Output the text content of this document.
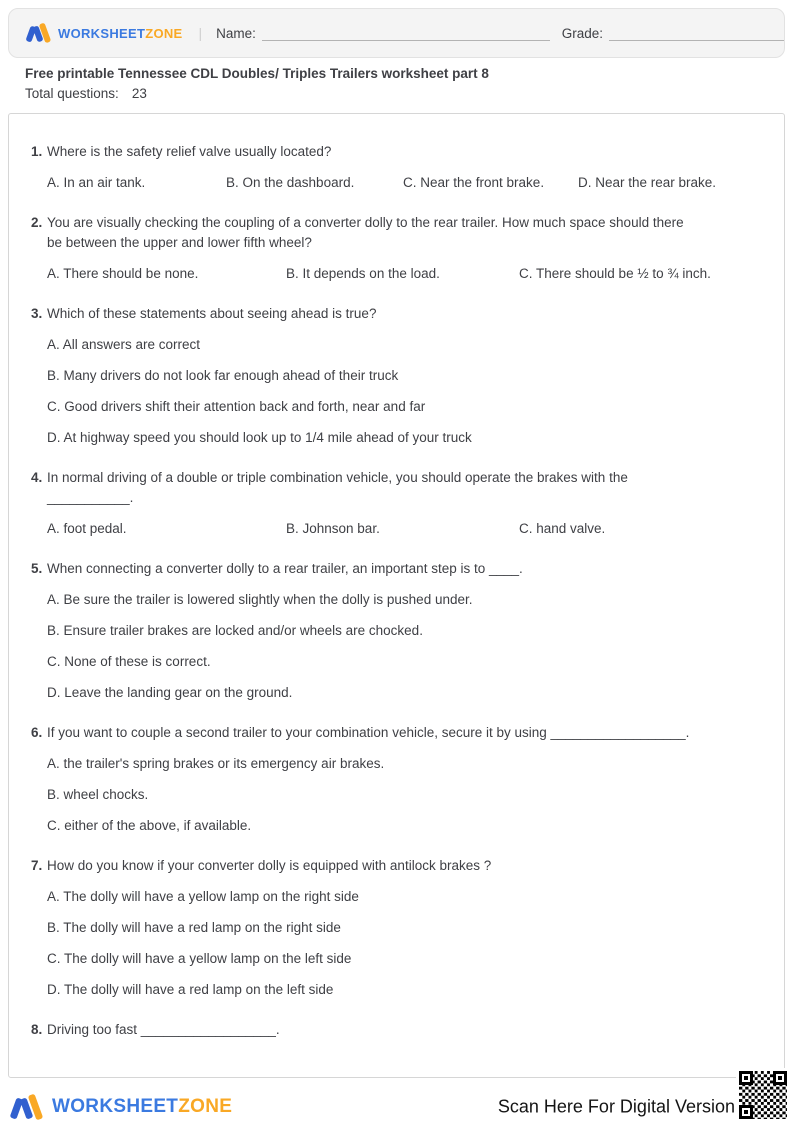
WORKSHEETZONE | Name:	Grade:
Free printable Tennessee CDL Doubles/ Triples Trailers worksheet part 8
Total questions: 23
1. Where is the safety relief valve usually located?
A. In an air tank.	B. On the dashboard.	C. Near the front brake.	D. Near the rear brake.
2. You are visually checking the coupling of a converter dolly to the rear trailer. How much space should there
be between the upper and lower fifth wheel?
A. There should be none.	B. It depends on the load.	C. There should be ½ to ¾ inch.
3. Which of these statements about seeing ahead is true?
A. All answers are correct
B. Many drivers do not look far enough ahead of their truck
C. Good drivers shift their attention back and forth, near and far
D. At highway speed you should look up to 1/4 mile ahead of your truck
4. In normal driving of a double or triple combination vehicle, you should operate the brakes with the
___________.
A. foot pedal.	B. Johnson bar.	C. hand valve.
5. When connecting a converter dolly to a rear trailer, an important step is to ____.
A. Be sure the trailer is lowered slightly when the dolly is pushed under.
B. Ensure trailer brakes are locked and/or wheels are chocked.
C. None of these is correct.
D. Leave the landing gear on the ground.
6. If you want to couple a second trailer to your combination vehicle, secure it by using __________________.
A. the trailer's spring brakes or its emergency air brakes.
B. wheel chocks.
C. either of the above, if available.
7. How do you know if your converter dolly is equipped with antilock brakes ?
A. The dolly will have a yellow lamp on the right side
B. The dolly will have a red lamp on the right side
C. The dolly will have a yellow lamp on the left side
D. The dolly will have a red lamp on the left side
8. Driving too fast __________________.
WORKSHEETZONE	Scan Here For Digital Version
